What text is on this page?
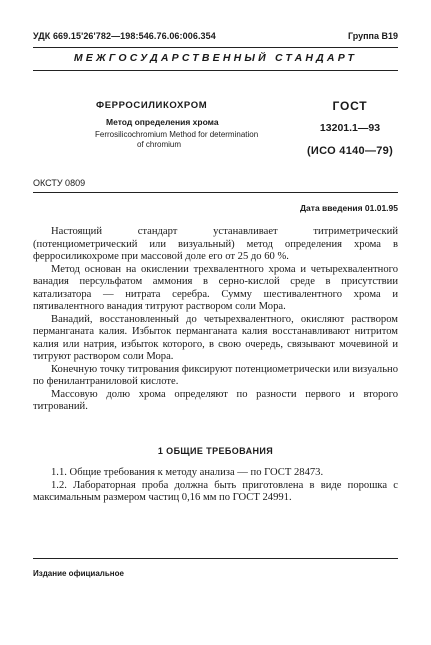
УДК 669.15'26'782—198:546.76.06:006.354	Группа В19
МЕЖГОСУДАРСТВЕННЫЙ СТАНДАРТ
ФЕРРОСИЛИКОХРОМ
Метод определения хрома

Ferrosilicochromium Method for determination
of chromium

ГОСТ
13201.1—93
(ИСО 4140—79)
ОКСТУ 0809
Дата введения 01.01.95

Настоящий стандарт устанавливает титриметрический (потенциометрический или визуальный) метод определения хрома в ферросиликохроме при массовой доле его от 25 до 60 %.

Метод основан на окислении трехвалентного хрома и четырехвалентного ванадия персульфатом аммония в серно-кислой среде в присутствии катализатора — нитрата серебра. Сумму шестивалентного хрома и пятивалентного ванадия титруют раствором соли Мора.

Ванадий, восстановленный до четырехвалентного, окисляют раствором перманганата калия. Избыток перманганата калия восстанавливают нитритом калия или натрия, избыток которого, в свою очередь, связывают мочевиной и титруют раствором соли Мора.

Конечную точку титрования фиксируют потенциометрически или визуально по фенилантраниловой кислоте.

Массовую долю хрома определяют по разности первого и второго титрований.

1 ОБЩИЕ ТРЕБОВАНИЯ

1.1. Общие требования к методу анализа — по ГОСТ 28473.

1.2. Лабораторная проба должна быть приготовлена в виде порошка с максимальным размером частиц 0,16 мм по ГОСТ 24991.

Издание официальное
